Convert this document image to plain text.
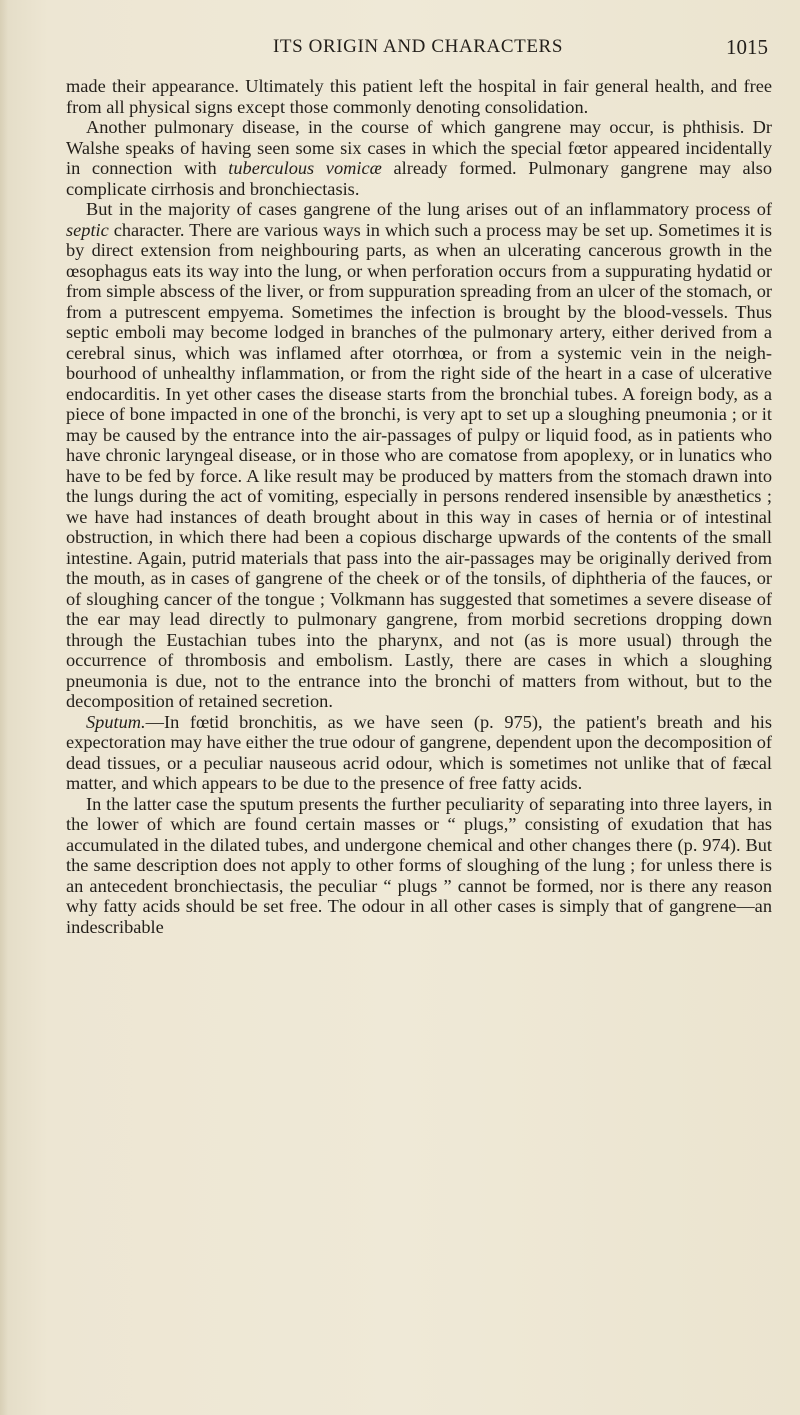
ITS ORIGIN AND CHARACTERS	1015

made their appearance. Ultimately this patient left the hospital in fair general health, and free from all physical signs except those commonly denoting consolidation.

Another pulmonary disease, in the course of which gangrene may occur, is phthisis. Dr Walshe speaks of having seen some six cases in which the special fœtor appeared incidentally in connection with tuberculous vomicæ already formed. Pulmonary gangrene may also complicate cirrhosis and bronchiectasis.

But in the majority of cases gangrene of the lung arises out of an inflammatory process of septic character. There are various ways in which such a process may be set up. Sometimes it is by direct extension from neighbouring parts, as when an ulcerating cancerous growth in the œsophagus eats its way into the lung, or when perforation occurs from a suppurating hydatid or from simple abscess of the liver, or from suppuration spreading from an ulcer of the stomach, or from a putrescent empyema. Sometimes the infection is brought by the blood-vessels. Thus septic emboli may become lodged in branches of the pulmonary artery, either derived from a cerebral sinus, which was inflamed after otorrhœa, or from a systemic vein in the neighbourhood of unhealthy inflammation, or from the right side of the heart in a case of ulcerative endocarditis. In yet other cases the disease starts from the bronchial tubes. A foreign body, as a piece of bone impacted in one of the bronchi, is very apt to set up a sloughing pneumonia ; or it may be caused by the entrance into the air-passages of pulpy or liquid food, as in patients who have chronic laryngeal disease, or in those who are comatose from apoplexy, or in lunatics who have to be fed by force. A like result may be produced by matters from the stomach drawn into the lungs during the act of vomiting, especially in persons rendered insensible by anæsthetics ; we have had instances of death brought about in this way in cases of hernia or of intestinal obstruction, in which there had been a copious discharge upwards of the contents of the small intestine. Again, putrid materials that pass into the air-passages may be originally derived from the mouth, as in cases of gangrene of the cheek or of the tonsils, of diphtheria of the fauces, or of sloughing cancer of the tongue ; Volkmann has suggested that sometimes a severe disease of the ear may lead directly to pulmonary gangrene, from morbid secretions dropping down through the Eustachian tubes into the pharynx, and not (as is more usual) through the occurrence of thrombosis and embolism. Lastly, there are cases in which a sloughing pneumonia is due, not to the entrance into the bronchi of matters from without, but to the decomposition of retained secretion.

Sputum.—In fœtid bronchitis, as we have seen (p. 975), the patient's breath and his expectoration may have either the true odour of gangrene, dependent upon the decomposition of dead tissues, or a peculiar nauseous acrid odour, which is sometimes not unlike that of fæcal matter, and which appears to be due to the presence of free fatty acids.

In the latter case the sputum presents the further peculiarity of separating into three layers, in the lower of which are found certain masses or “ plugs,” consisting of exudation that has accumulated in the dilated tubes, and undergone chemical and other changes there (p. 974). But the same description does not apply to other forms of sloughing of the lung ; for unless there is an antecedent bronchiectasis, the peculiar “ plugs ” cannot be formed, nor is there any reason why fatty acids should be set free. The odour in all other cases is simply that of gangrene—an indescribable
